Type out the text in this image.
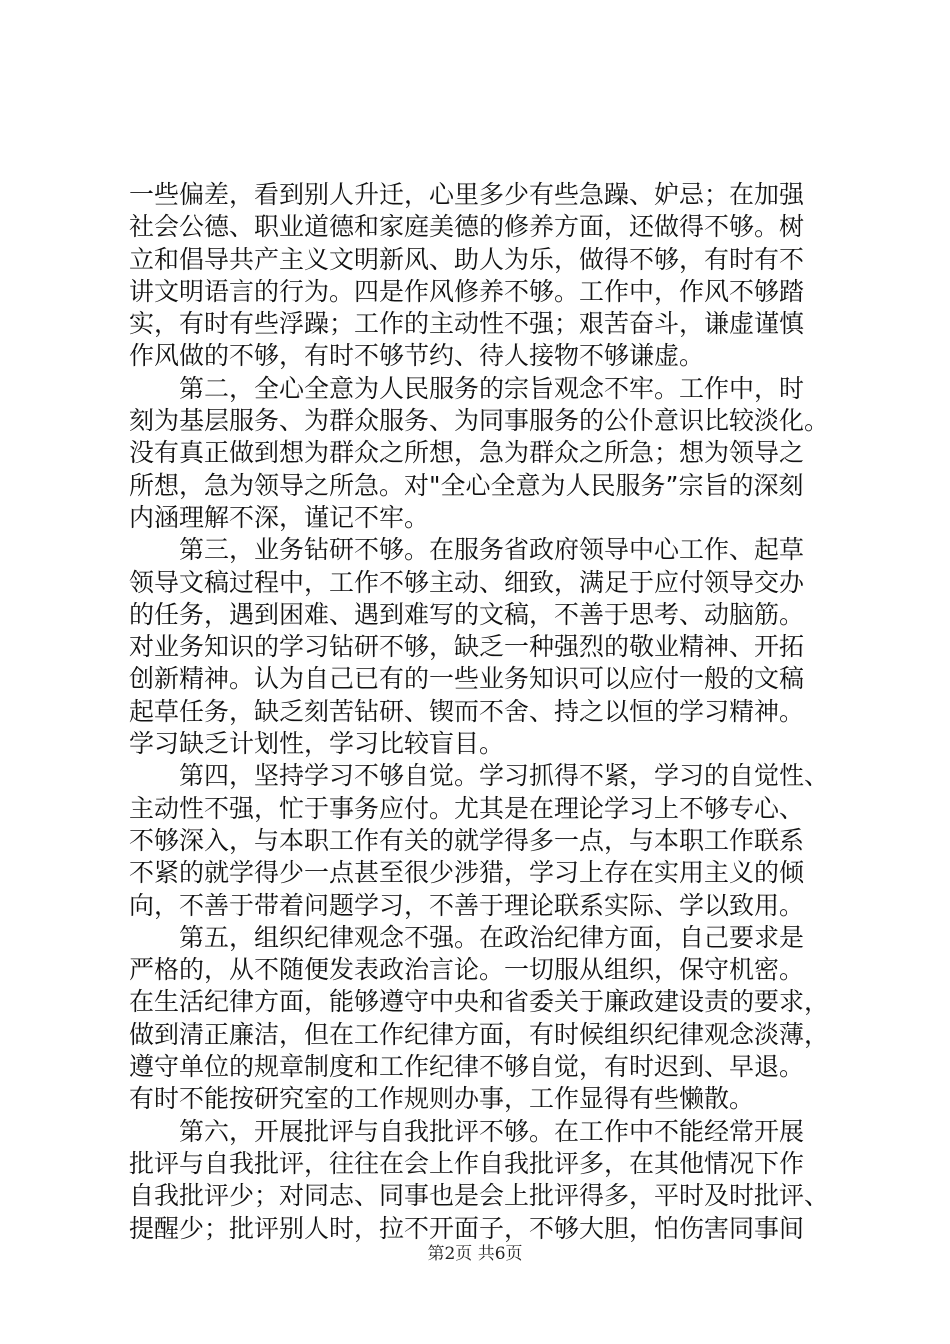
一些偏差，看到别人升迁，心里多少有些急躁、妒忌；在加强
社会公德、职业道德和家庭美德的修养方面，还做得不够。树
立和倡导共产主义文明新风、助人为乐，做得不够，有时有不
讲文明语言的行为。四是作风修养不够。工作中，作风不够踏
实，有时有些浮躁；工作的主动性不强；艰苦奋斗，谦虚谨慎
作风做的不够，有时不够节约、待人接物不够谦虚。
　　第二，全心全意为人民服务的宗旨观念不牢。工作中，时
刻为基层服务、为群众服务、为同事服务的公仆意识比较淡化。
没有真正做到想为群众之所想，急为群众之所急；想为领导之
所想，急为领导之所急。对"全心全意为人民服务”宗旨的深刻
内涵理解不深，谨记不牢。
　　第三，业务钻研不够。在服务省政府领导中心工作、起草
领导文稿过程中，工作不够主动、细致，满足于应付领导交办
的任务，遇到困难、遇到难写的文稿，不善于思考、动脑筋。
对业务知识的学习钻研不够，缺乏一种强烈的敬业精神、开拓
创新精神。认为自己已有的一些业务知识可以应付一般的文稿
起草任务，缺乏刻苦钻研、锲而不舍、持之以恒的学习精神。
学习缺乏计划性，学习比较盲目。
　　第四，坚持学习不够自觉。学习抓得不紧，学习的自觉性、
主动性不强，忙于事务应付。尤其是在理论学习上不够专心、
不够深入，与本职工作有关的就学得多一点，与本职工作联系
不紧的就学得少一点甚至很少涉猎，学习上存在实用主义的倾
向，不善于带着问题学习，不善于理论联系实际、学以致用。
　　第五，组织纪律观念不强。在政治纪律方面，自己要求是
严格的，从不随便发表政治言论。一切服从组织，保守机密。
在生活纪律方面，能够遵守中央和省委关于廉政建设责的要求，
做到清正廉洁，但在工作纪律方面，有时候组织纪律观念淡薄，
遵守单位的规章制度和工作纪律不够自觉，有时迟到、早退。
有时不能按研究室的工作规则办事，工作显得有些懒散。
　　第六，开展批评与自我批评不够。在工作中不能经常开展
批评与自我批评，往往在会上作自我批评多，在其他情况下作
自我批评少；对同志、同事也是会上批评得多，平时及时批评、
提醒少；批评别人时，拉不开面子，不够大胆，怕伤害同事间
第2页 共6页
